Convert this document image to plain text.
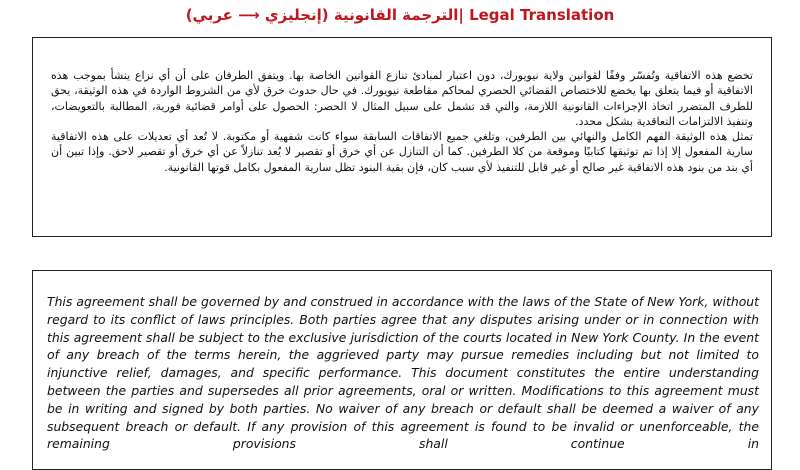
الترجمة القانونية (إنجليزي ⟶ عربي)| Legal Translation

تخضع هذه الاتفاقية وتُفسّر وفقًا لقوانين ولاية نيويورك، دون اعتبار لمبادئ تنازع القوانين الخاصة بها. ويتفق الطرفان على أن أي نزاع ينشأ بموجب هذه الاتفاقية أو فيما يتعلق بها يخضع للاختصاص القضائي الحصري لمحاكم مقاطعة نيويورك. في حال حدوث خرق لأي من الشروط الواردة في هذه الوثيقة، يحق للطرف المتضرر اتخاذ الإجراءات القانونية اللازمة، والتي قد تشمل على سبيل المثال لا الحصر: الحصول على أوامر قضائية فورية، المطالبة بالتعويضات، وتنفيذ الالتزامات التعاقدية بشكل محدد.

تمثل هذه الوثيقة الفهم الكامل والنهائي بين الطرفين، وتلغي جميع الاتفاقات السابقة سواء كانت شفهية أو مكتوبة. لا تُعد أي تعديلات على هذه الاتفاقية سارية المفعول إلا إذا تم توثيقها كتابيًا وموقعة من كلا الطرفين. كما أن التنازل عن أي خرق أو تقصير لا يُعد تنازلاً عن أي خرق أو تقصير لاحق. وإذا تبين أن أي بند من بنود هذه الاتفاقية غير صالح أو غير قابل للتنفيذ لأي سبب كان، فإن بقية البنود تظل سارية المفعول بكامل قوتها القانونية.

This agreement shall be governed by and construed in accordance with the laws of the State of New York, without regard to its conflict of laws principles. Both parties agree that any disputes arising under or in connection with this agreement shall be subject to the exclusive jurisdiction of the courts located in New York County. In the event of any breach of the terms herein, the aggrieved party may pursue remedies including but not limited to injunctive relief, damages, and specific performance. This document constitutes the entire understanding between the parties and supersedes all prior agreements, oral or written. Modifications to this agreement must be in writing and signed by both parties. No waiver of any breach or default shall be deemed a waiver of any subsequent breach or default. If any provision of this agreement is found to be invalid or unenforceable, the remaining provisions shall continue in
